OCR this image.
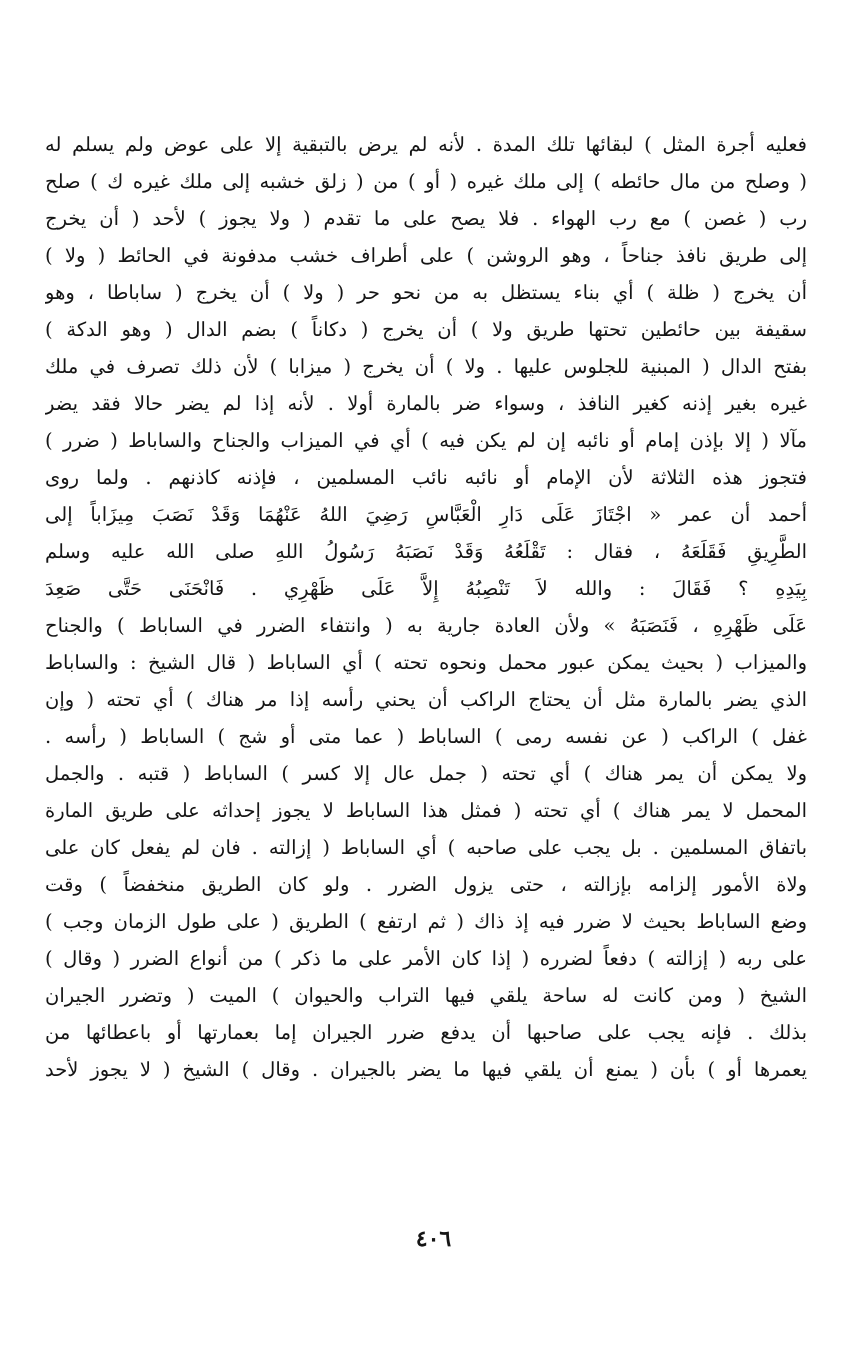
فعليه أجرة المثل ) لبقائها تلك المدة . لأنه لم يرض بالتبقية إلا على عوض ولم يسلم له
( وصلح من مال حائطه ) إلى ملك غيره ( أو ) من ( زلق خشبه إلى ملك غيره ك ) صلح
رب ( غصن ) مع رب الهواء . فلا يصح على ما تقدم ( ولا يجوز ) لأحد ( أن يخرج
إلى طريق نافذ جناحاً ، وهو الروشن ) على أطراف خشب مدفونة في الحائط ( ولا )
أن يخرج ( ظلة ) أي بناء يستظل به من نحو حر ( ولا ) أن يخرج ( ساباطا ، وهو
سقيفة بين حائطين تحتها طريق ولا ) أن يخرج ( دكاناً ) بضم الدال ( وهو الدكة )
بفتح الدال ( المبنية للجلوس عليها . ولا ) أن يخرج ( ميزابا ) لأن ذلك تصرف في ملك
غيره بغير إذنه كغير النافذ ، وسواء ضر بالمارة أولا . لأنه إذا لم يضر حالا فقد يضر
مآلا ( إلا بإذن إمام أو نائبه إن لم يكن فيه ) أي في الميزاب والجناح والساباط ( ضرر )
فتجوز هذه الثلاثة لأن الإمام أو نائبه نائب المسلمين ، فإذنه كاذنهم . ولما روى
أحمد أن عمر « اجْتَازَ عَلَى دَارِ الْعَبَّاسِ رَضِيَ اللهُ عَنْهُمَا وَقَدْ نَصَبَ مِيزَاباً إلى
الطَّرِيقِ فَقَلَعَهُ ، فقال : تَقْلَعُهُ وَقَدْ نَصَبَهُ رَسُولُ اللهِ صلى الله عليه وسلم
بِيَدِهِ ؟ فَقَالَ : والله لاَ تَنْصِبُهُ إِلاَّ عَلَى ظَهْرِي . فَانْحَنَى حَتَّى صَعِدَ
عَلَى ظَهْرِهِ ، فَنَصَبَهُ » ولأن العادة جارية به ( وانتفاء الضرر في الساباط ) والجناح
والميزاب ( بحيث يمكن عبور محمل ونحوه تحته ) أي الساباط ( قال الشيخ : والساباط
الذي يضر بالمارة مثل أن يحتاج الراكب أن يحني رأسه إذا مر هناك ) أي تحته ( وإن
غفل ) الراكب ( عن نفسه رمى ) الساباط ( عما متى أو شج ) الساباط ( رأسه .
ولا يمكن أن يمر هناك ) أي تحته ( جمل عال إلا كسر ) الساباط ( قتبه . والجمل
المحمل لا يمر هناك ) أي تحته ( فمثل هذا الساباط لا يجوز إحداثه على طريق المارة
باتفاق المسلمين . بل يجب على صاحبه ) أي الساباط ( إزالته . فان لم يفعل كان على
ولاة الأمور إلزامه بإزالته ، حتى يزول الضرر . ولو كان الطريق منخفضاً ) وقت
وضع الساباط بحيث لا ضرر فيه إذ ذاك ( ثم ارتفع ) الطريق ( على طول الزمان وجب )
على ربه ( إزالته ) دفعاً لضرره ( إذا كان الأمر على ما ذكر ) من أنواع الضرر ( وقال )
الشيخ ( ومن كانت له ساحة يلقي فيها التراب والحيوان ) الميت ( وتضرر الجيران
بذلك . فإنه يجب على صاحبها أن يدفع ضرر الجيران إما بعمارتها أو باعطائها من
يعمرها أو ) بأن ( يمنع أن يلقي فيها ما يضر بالجيران . وقال ) الشيخ ( لا يجوز لأحد
٤٠٦
